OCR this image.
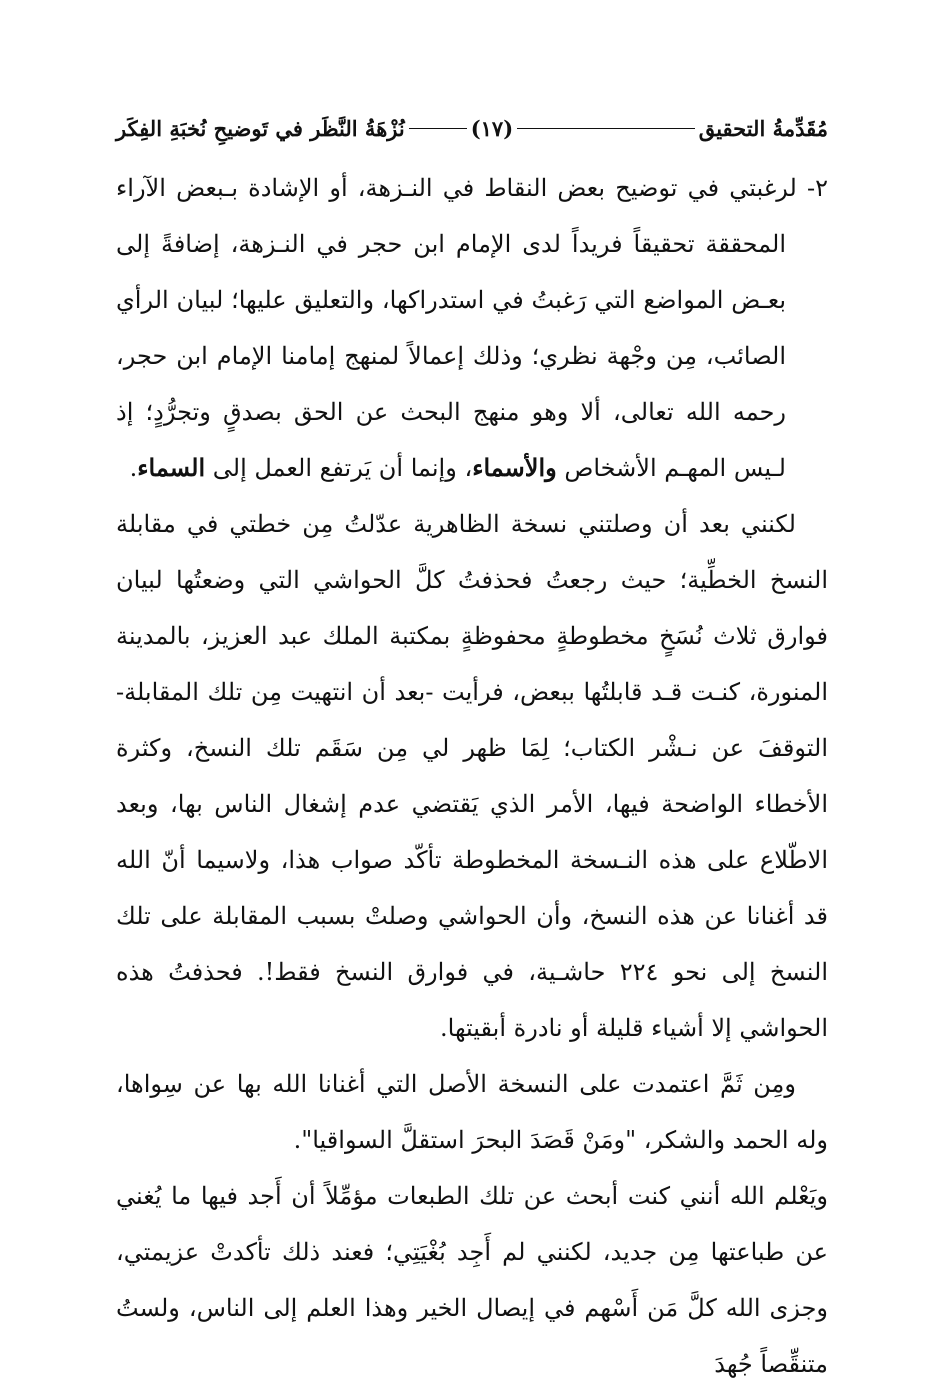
مُقَدِّمةُ التحقيق
(١٧)
نُزْهَةُ النَّظَر في تَوضيحِ نُخبَةِ الفِكَر

٢- لرغبتي في توضيح بعض النقاط في النـزهة، أو الإشادة بـبعض الآراء المحققة تحقيقاً فريداً لدى الإمام ابن حجر في النـزهة، إضافةً إلى بعـض المواضع التي رَغبتُ في استدراكها، والتعليق عليها؛ لبيان الرأي الصائب، مِن وجْهة نظري؛ وذلك إعمالاً لمنهج إمامنا الإمام ابن حجر، رحمه الله تعالى، ألا وهو منهج البحث عن الحق بصدقٍ وتجرُّدٍ؛ إذ لـيس المهـم الأشخاص والأسماء، وإنما أن يَرتفع العمل إلى السماء.

لكنني بعد أن وصلتني نسخة الظاهرية عدّلتُ مِن خطتي في مقابلة النسخ الخطِّية؛ حيث رجعتُ فحذفتُ كلَّ الحواشي التي وضعتُها لبيان فوارق ثلاث نُسَخٍ مخطوطةٍ محفوظةٍ بمكتبة الملك عبد العزيز، بالمدينة المنورة، كنـت قـد قابلتُها ببعض، فرأيت -بعد أن انتهيت مِن تلك المقابلة- التوقفَ عن نـشْر الكتاب؛ لِمَا ظهر لي مِن سَقَم تلك النسخ، وكثرة الأخطاء الواضحة فيها، الأمر الذي يَقتضي عدم إشغال الناس بها، وبعد الاطّلاع على هذه النـسخة المخطوطة تأكّد صواب هذا، ولاسيما أنّ الله قد أغنانا عن هذه النسخ، وأن الحواشي وصلتْ بسبب المقابلة على تلك النسخ إلى نحو ٢٢٤ حاشـية، في فوارق النسخ فقط!. فحذفتُ هذه الحواشي إلا أشياء قليلة أو نادرة أبقيتها.

ومِن ثَمَّ اعتمدت على النسخة الأصل التي أغنانا الله بها عن سِواها، وله الحمد والشكر، "ومَنْ قَصَدَ البحرَ استقلَّ السواقيا".

ويَعْلم الله أنني كنت أبحث عن تلك الطبعات مؤمِّلاً أن أَجد فيها ما يُغني عن طباعتها مِن جديد، لكنني لم أَجِد بُغْيَتِي؛ فعند ذلك تأكدتْ عزيمتي، وجزى الله كلَّ مَن أَسْهم في إيصال الخير وهذا العلم إلى الناس، ولستُ متنقِّصاً جُهدَ
